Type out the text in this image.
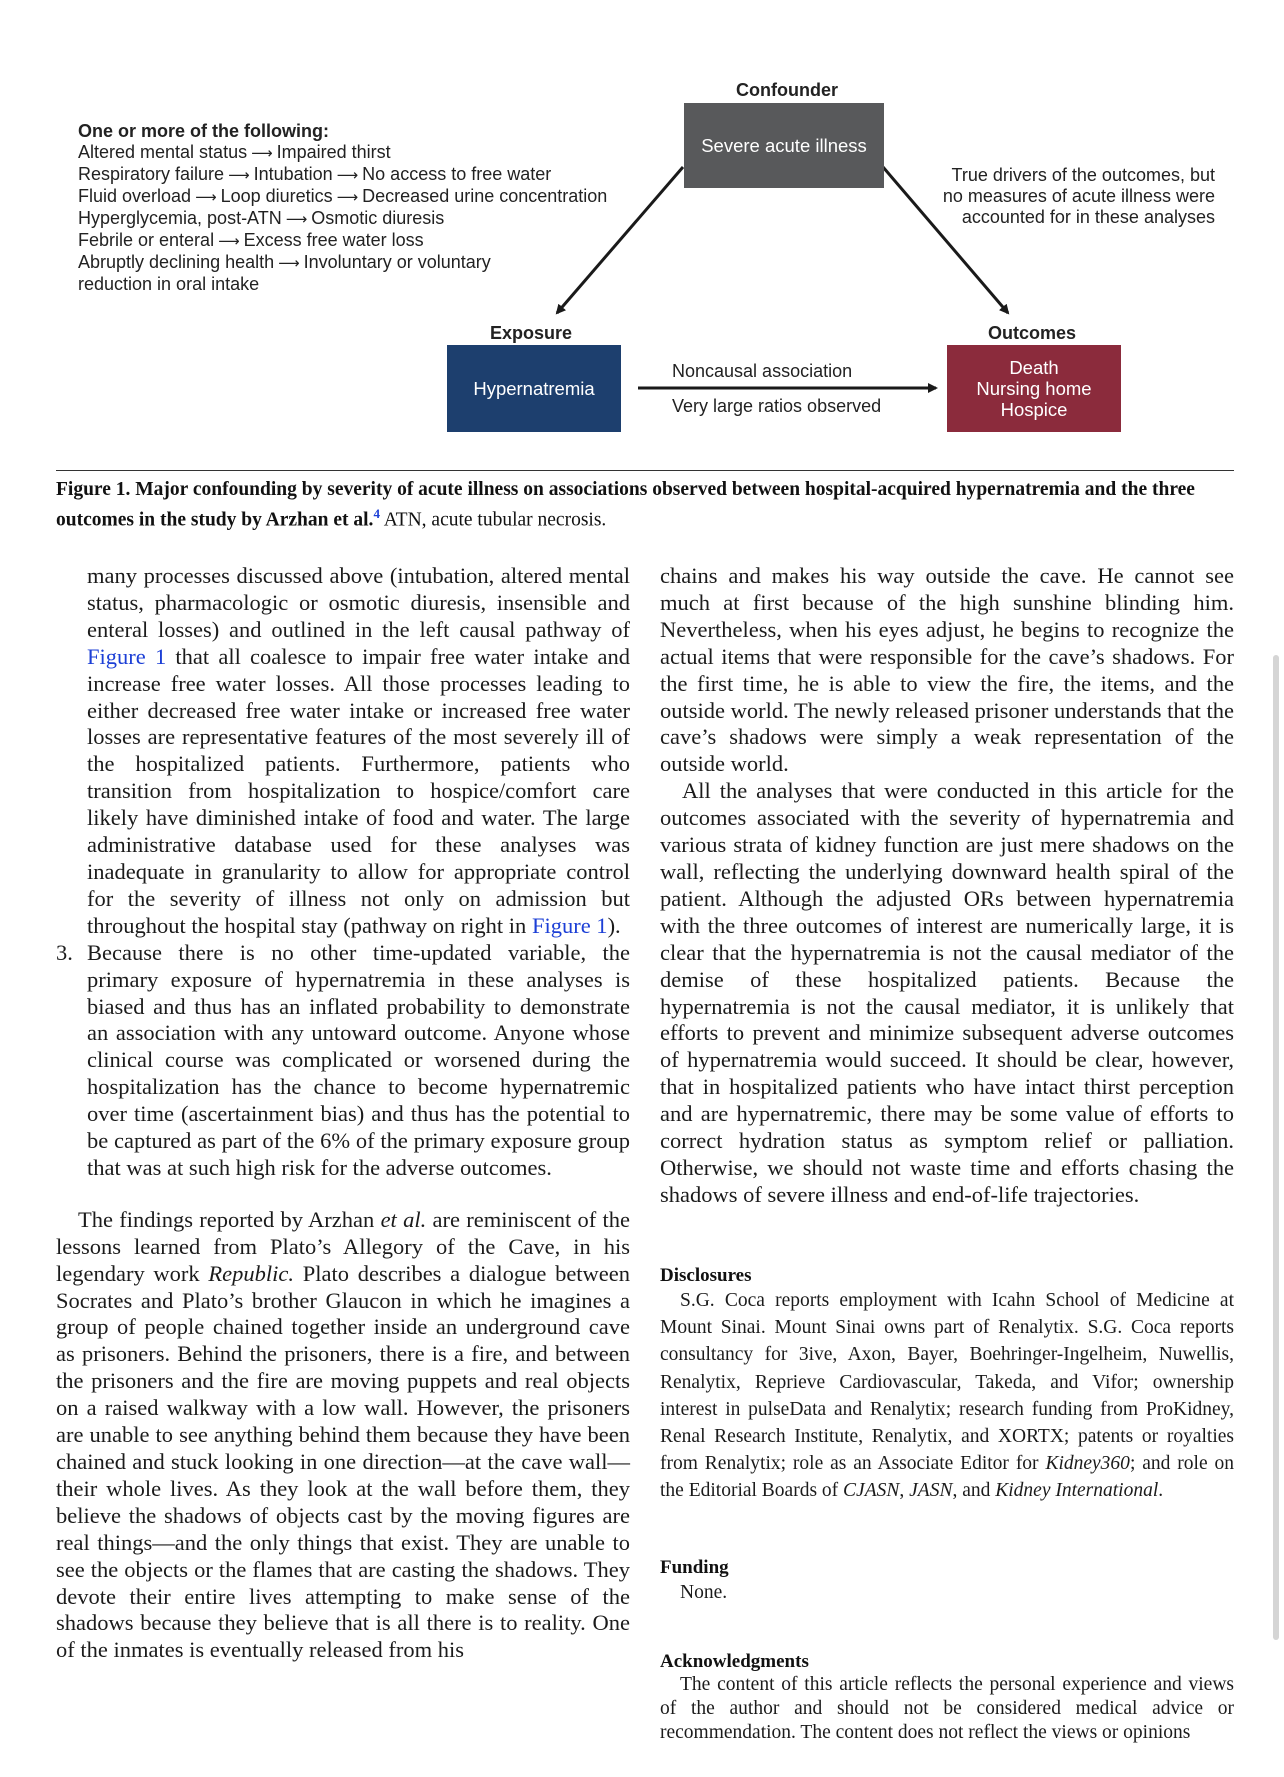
Confounder
Severe acute illness
True drivers of the outcomes, but
no measures of acute illness were
accounted for in these analyses
One or more of the following:
Altered mental status ⟶ Impaired thirst
Respiratory failure ⟶ Intubation ⟶ No access to free water
Fluid overload ⟶ Loop diuretics ⟶ Decreased urine concentration
Hyperglycemia, post-ATN ⟶ Osmotic diuresis
Febrile or enteral ⟶ Excess free water loss
Abruptly declining health ⟶ Involuntary or voluntary
reduction in oral intake
Exposure
Hypernatremia
Noncausal association
Very large ratios observed
Outcomes
Death
Nursing home
Hospice
Figure 1. Major confounding by severity of acute illness on associations observed between hospital-acquired hypernatremia and the three outcomes in the study by Arzhan et al.$^4$ ATN, acute tubular necrosis.

many processes discussed above (intubation, altered mental status, pharmacologic or osmotic diuresis, insensible and enteral losses) and outlined in the left causal pathway of Figure 1 that all coalesce to impair free water intake and increase free water losses. All those processes leading to either decreased free water intake or increased free water losses are representative features of the most severely ill of the hospitalized patients. Furthermore, patients who transition from hospitalization to hospice/comfort care likely have diminished intake of food and water. The large administrative database used for these analyses was inadequate in granularity to allow for appropriate control for the severity of illness not only on admission but throughout the hospital stay (pathway on right in Figure 1).

3. Because there is no other time-updated variable, the primary exposure of hypernatremia in these analyses is biased and thus has an inflated probability to demonstrate an association with any untoward outcome. Anyone whose clinical course was complicated or worsened during the hospitalization has the chance to become hypernatremic over time (ascertainment bias) and thus has the potential to be captured as part of the 6% of the primary exposure group that was at such high risk for the adverse outcomes.

The findings reported by Arzhan et al. are reminiscent of the lessons learned from Plato’s Allegory of the Cave, in his legendary work Republic. Plato describes a dialogue between Socrates and Plato’s brother Glaucon in which he imagines a group of people chained together inside an underground cave as prisoners. Behind the prisoners, there is a fire, and between the prisoners and the fire are moving puppets and real objects on a raised walkway with a low wall. However, the prisoners are unable to see anything behind them because they have been chained and stuck looking in one direction—at the cave wall—their whole lives. As they look at the wall before them, they believe the shadows of objects cast by the moving figures are real things—and the only things that exist. They are unable to see the objects or the flames that are casting the shadows. They devote their entire lives attempting to make sense of the shadows because they believe that is all there is to reality. One of the inmates is eventually released from his

chains and makes his way outside the cave. He cannot see much at first because of the high sunshine blinding him. Nevertheless, when his eyes adjust, he begins to recognize the actual items that were responsible for the cave’s shadows. For the first time, he is able to view the fire, the items, and the outside world. The newly released prisoner understands that the cave’s shadows were simply a weak representation of the outside world.

All the analyses that were conducted in this article for the outcomes associated with the severity of hypernatremia and various strata of kidney function are just mere shadows on the wall, reflecting the underlying downward health spiral of the patient. Although the adjusted ORs between hypernatremia with the three outcomes of interest are numerically large, it is clear that the hypernatremia is not the causal mediator of the demise of these hospitalized patients. Because the hypernatremia is not the causal mediator, it is unlikely that efforts to prevent and minimize subsequent adverse outcomes of hypernatremia would succeed. It should be clear, however, that in hospitalized patients who have intact thirst perception and are hypernatremic, there may be some value of efforts to correct hydration status as symptom relief or palliation. Otherwise, we should not waste time and efforts chasing the shadows of severe illness and end-of-life trajectories.

Disclosures
S.G. Coca reports employment with Icahn School of Medicine at Mount Sinai. Mount Sinai owns part of Renalytix. S.G. Coca reports consultancy for 3ive, Axon, Bayer, Boehringer-Ingelheim, Nuwellis, Renalytix, Reprieve Cardiovascular, Takeda, and Vifor; ownership interest in pulseData and Renalytix; research funding from ProKidney, Renal Research Institute, Renalytix, and XORTX; patents or royalties from Renalytix; role as an Associate Editor for Kidney360; and role on the Editorial Boards of CJASN, JASN, and Kidney International.
Funding
None.
Acknowledgments
The content of this article reflects the personal experience and views of the author and should not be considered medical advice or recommendation. The content does not reflect the views or opinions
